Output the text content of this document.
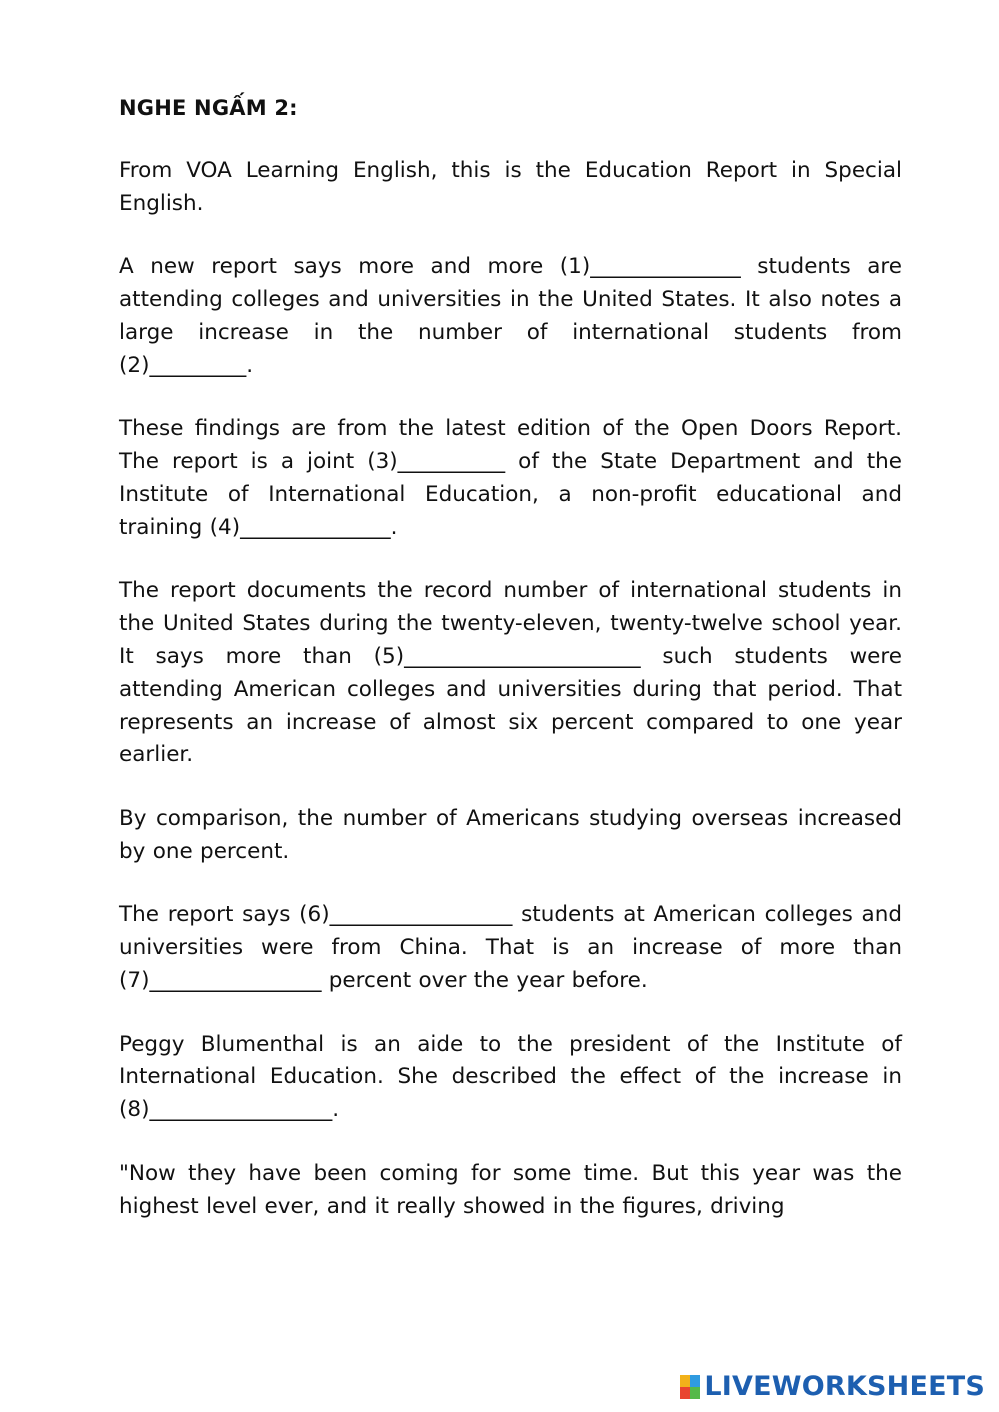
NGHE NGẤM 2:

From VOA Learning English, this is the Education Report in Special English.

A new report says more and more (1)______________ students are attending colleges and universities in the United States. It also notes a large increase in the number of international students from (2)_________.

These findings are from the latest edition of the Open Doors Report. The report is a joint (3)__________ of the State Department and the Institute of International Education, a non-profit educational and training (4)______________.

The report documents the record number of international students in the United States during the twenty-eleven, twenty-twelve school year. It says more than (5)______________________ such students were attending American colleges and universities during that period. That represents an increase of almost six percent compared to one year earlier.

By comparison, the number of Americans studying overseas increased by one percent.

The report says (6)_________________ students at American colleges and universities were from China. That is an increase of more than (7)________________ percent over the year before.

Peggy Blumenthal is an aide to the president of the Institute of International Education. She described the effect of the increase in (8)_________________.

"Now they have been coming for some time. But this year was the highest level ever, and it really showed in the figures, driving

LIVEWORKSHEETS
